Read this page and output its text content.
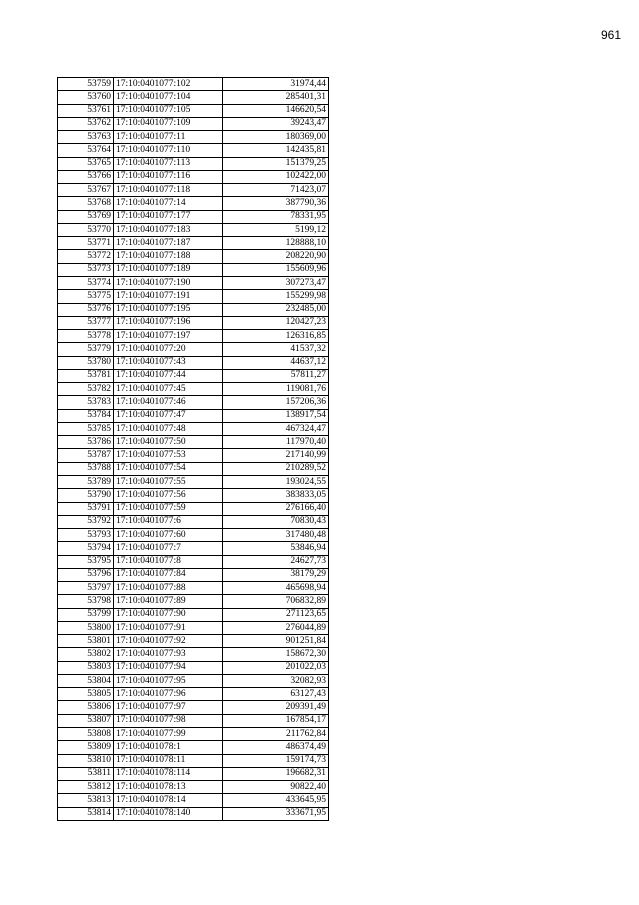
961
53759	17:10:0401077:102	31974,44
53760	17:10:0401077:104	285401,31
53761	17:10:0401077:105	146620,54
53762	17:10:0401077:109	39243,47
53763	17:10:0401077:11	180369,00
53764	17:10:0401077:110	142435,81
53765	17:10:0401077:113	151379,25
53766	17:10:0401077:116	102422,00
53767	17:10:0401077:118	71423,07
53768	17:10:0401077:14	387790,36
53769	17:10:0401077:177	78331,95
53770	17:10:0401077:183	5199,12
53771	17:10:0401077:187	128888,10
53772	17:10:0401077:188	208220,90
53773	17:10:0401077:189	155609,96
53774	17:10:0401077:190	307273,47
53775	17:10:0401077:191	155299,98
53776	17:10:0401077:195	232485,00
53777	17:10:0401077:196	120427,23
53778	17:10:0401077:197	126316,85
53779	17:10:0401077:20	41537,32
53780	17:10:0401077:43	44637,12
53781	17:10:0401077:44	57811,27
53782	17:10:0401077:45	119081,76
53783	17:10:0401077:46	157206,36
53784	17:10:0401077:47	138917,54
53785	17:10:0401077:48	467324,47
53786	17:10:0401077:50	117970,40
53787	17:10:0401077:53	217140,99
53788	17:10:0401077:54	210289,52
53789	17:10:0401077:55	193024,55
53790	17:10:0401077:56	383833,05
53791	17:10:0401077:59	276166,40
53792	17:10:0401077:6	70830,43
53793	17:10:0401077:60	317480,48
53794	17:10:0401077:7	53846,94
53795	17:10:0401077:8	24627,73
53796	17:10:0401077:84	38179,29
53797	17:10:0401077:88	465698,94
53798	17:10:0401077:89	706832,89
53799	17:10:0401077:90	271123,65
53800	17:10:0401077:91	276044,89
53801	17:10:0401077:92	901251,84
53802	17:10:0401077:93	158672,30
53803	17:10:0401077:94	201022,03
53804	17:10:0401077:95	32082,93
53805	17:10:0401077:96	63127,43
53806	17:10:0401077:97	209391,49
53807	17:10:0401077:98	167854,17
53808	17:10:0401077:99	211762,84
53809	17:10:0401078:1	486374,49
53810	17:10:0401078:11	159174,73
53811	17:10:0401078:114	196682,31
53812	17:10:0401078:13	90822,40
53813	17:10:0401078:14	433645,95
53814	17:10:0401078:140	333671,95
